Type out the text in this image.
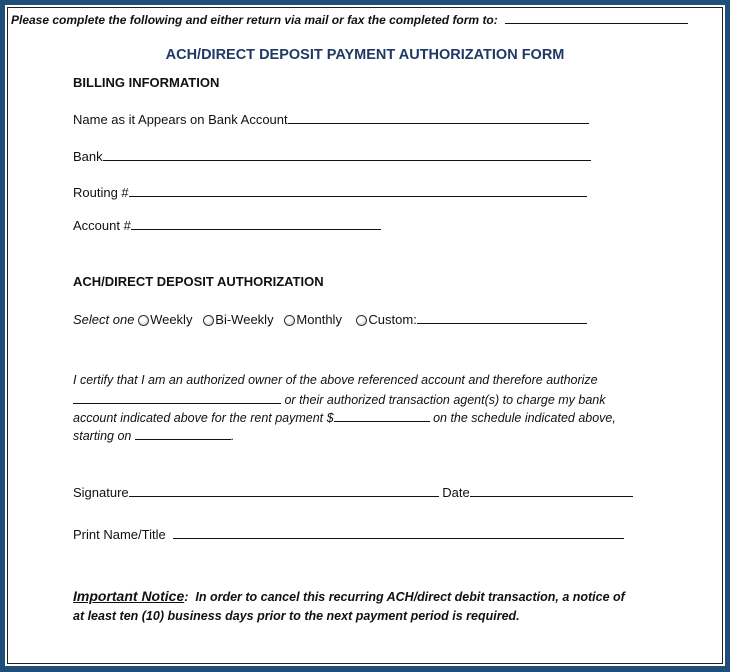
Please complete the following and either return via mail or fax the completed form to:
ACH/DIRECT DEPOSIT PAYMENT AUTHORIZATION FORM
BILLING INFORMATION
Name as it Appears on Bank Account
Bank
Routing #
Account #
ACH/DIRECT DEPOSIT AUTHORIZATION
Select one Weekly Bi-Weekly Monthly Custom:
I certify that I am an authorized owner of the above referenced account and therefore authorize
or their authorized transaction agent(s) to charge my bank
account indicated above for the rent payment $	on the schedule indicated above,
starting on	.
Signature	Date
Print Name/Title
Important Notice: In order to cancel this recurring ACH/direct debit transaction, a notice of
at least ten (10) business days prior to the next payment period is required.
